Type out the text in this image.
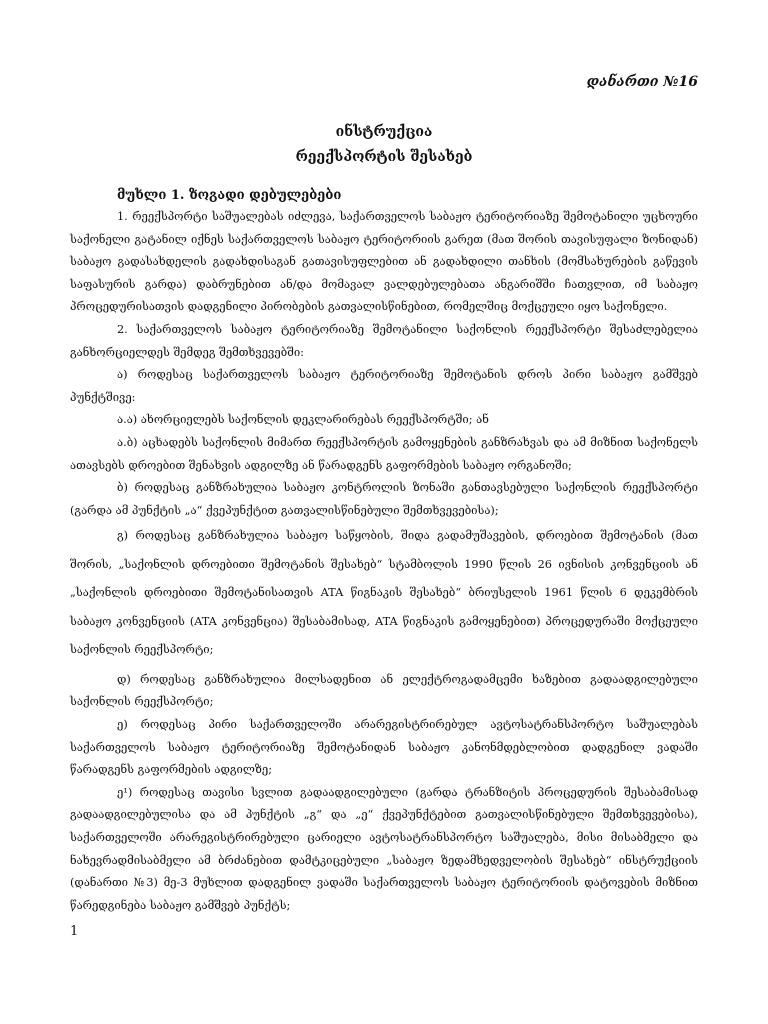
დანართი №16
ინსტრუქცია
რეექსპორტის შესახებ
მუხლი 1. ზოგადი დებულებები

1. რეექსპორტი საშუალებას იძლევა, საქართველოს საბაჟო ტერიტორიაზე შემოტანილი უცხოური საქონელი გატანილ იქნეს საქართველოს საბაჟო ტერიტორიის გარეთ (მათ შორის თავისუფალი ზონიდან) საბაჟო გადასახდელის გადახდისაგან გათავისუფლებით ან გადახდილი თანხის (მომსახურების გაწევის საფასურის გარდა) დაბრუნებით ან/და მომავალ ვალდებულებათა ანგარიშში ჩათვლით, იმ საბაჟო პროცედურისათვის დადგენილი პირობების გათვალისწინებით, რომელშიც მოქცეული იყო საქონელი.

2. საქართველოს საბაჟო ტერიტორიაზე შემოტანილი საქონლის რეექსპორტი შესაძლებელია განხორციელდეს შემდეგ შემთხვევებში:

ა) როდესაც საქართველოს საბაჟო ტერიტორიაზე შემოტანის დროს პირი საბაჟო გამშვებ პუნქტშივე:

ა.ა) ახორციელებს საქონლის დეკლარირებას რეექსპორტში; ან

ა.ბ) აცხადებს საქონლის მიმართ რეექსპორტის გამოყენების განზრახვას და ამ მიზნით საქონელს ათავსებს დროებით შენახვის ადგილზე ან წარადგენს გაფორმების საბაჟო ორგანოში;

ბ) როდესაც განზრახულია საბაჟო კონტროლის ზონაში განთავსებული საქონლის რეექსპორტი (გარდა ამ პუნქტის „ა“ ქვეპუნქტით გათვალისწინებული შემთხვევებისა);

გ) როდესაც განზრახულია საბაჟო საწყობის, შიდა გადამუშავების, დროებით შემოტანის (მათ შორის, „საქონლის დროებითი შემოტანის შესახებ“ სტამბოლის 1990 წლის 26 ივნისის კონვენციის ან „საქონლის დროებითი შემოტანისათვის ATA წიგნაკის შესახებ“ ბრიუსელის 1961 წლის 6 დეკემბრის საბაჟო კონვენციის (ATA კონვენცია) შესაბამისად, ATA წიგნაკის გამოყენებით) პროცედურაში მოქცეული საქონლის რეექსპორტი;

დ) როდესაც განზრახულია მილსადენით ან ელექტროგადამცემი ხაზებით გადაადგილებული საქონლის რეექსპორტი;

ე) როდესაც პირი საქართველოში არარეგისტრირებულ ავტოსატრანსპორტო საშუალებას საქართველოს საბაჟო ტერიტორიაზე შემოტანიდან საბაჟო კანონმდებლობით დადგენილ ვადაში წარადგენს გაფორმების ადგილზე;

ე¹) როდესაც თავისი სვლით გადაადგილებული (გარდა ტრანზიტის პროცედურის შესაბამისად გადაადგილებულისა და ამ პუნქტის „გ“ და „ე“ ქვეპუნქტებით გათვალისწინებული შემთხვევებისა), საქართველოში არარეგისტრირებული ცარიელი ავტოსატრანსპორტო საშუალება, მისი მისაბმელი და ნახევრადმისაბმელი ამ ბრძანებით დამტკიცებული „საბაჟო ზედამხედველობის შესახებ“ ინსტრუქციის (დანართი №3) მე-3 მუხლით დადგენილ ვადაში საქართველოს საბაჟო ტერიტორიის დატოვების მიზნით წარედგინება საბაჟო გამშვებ პუნქტს;

1
